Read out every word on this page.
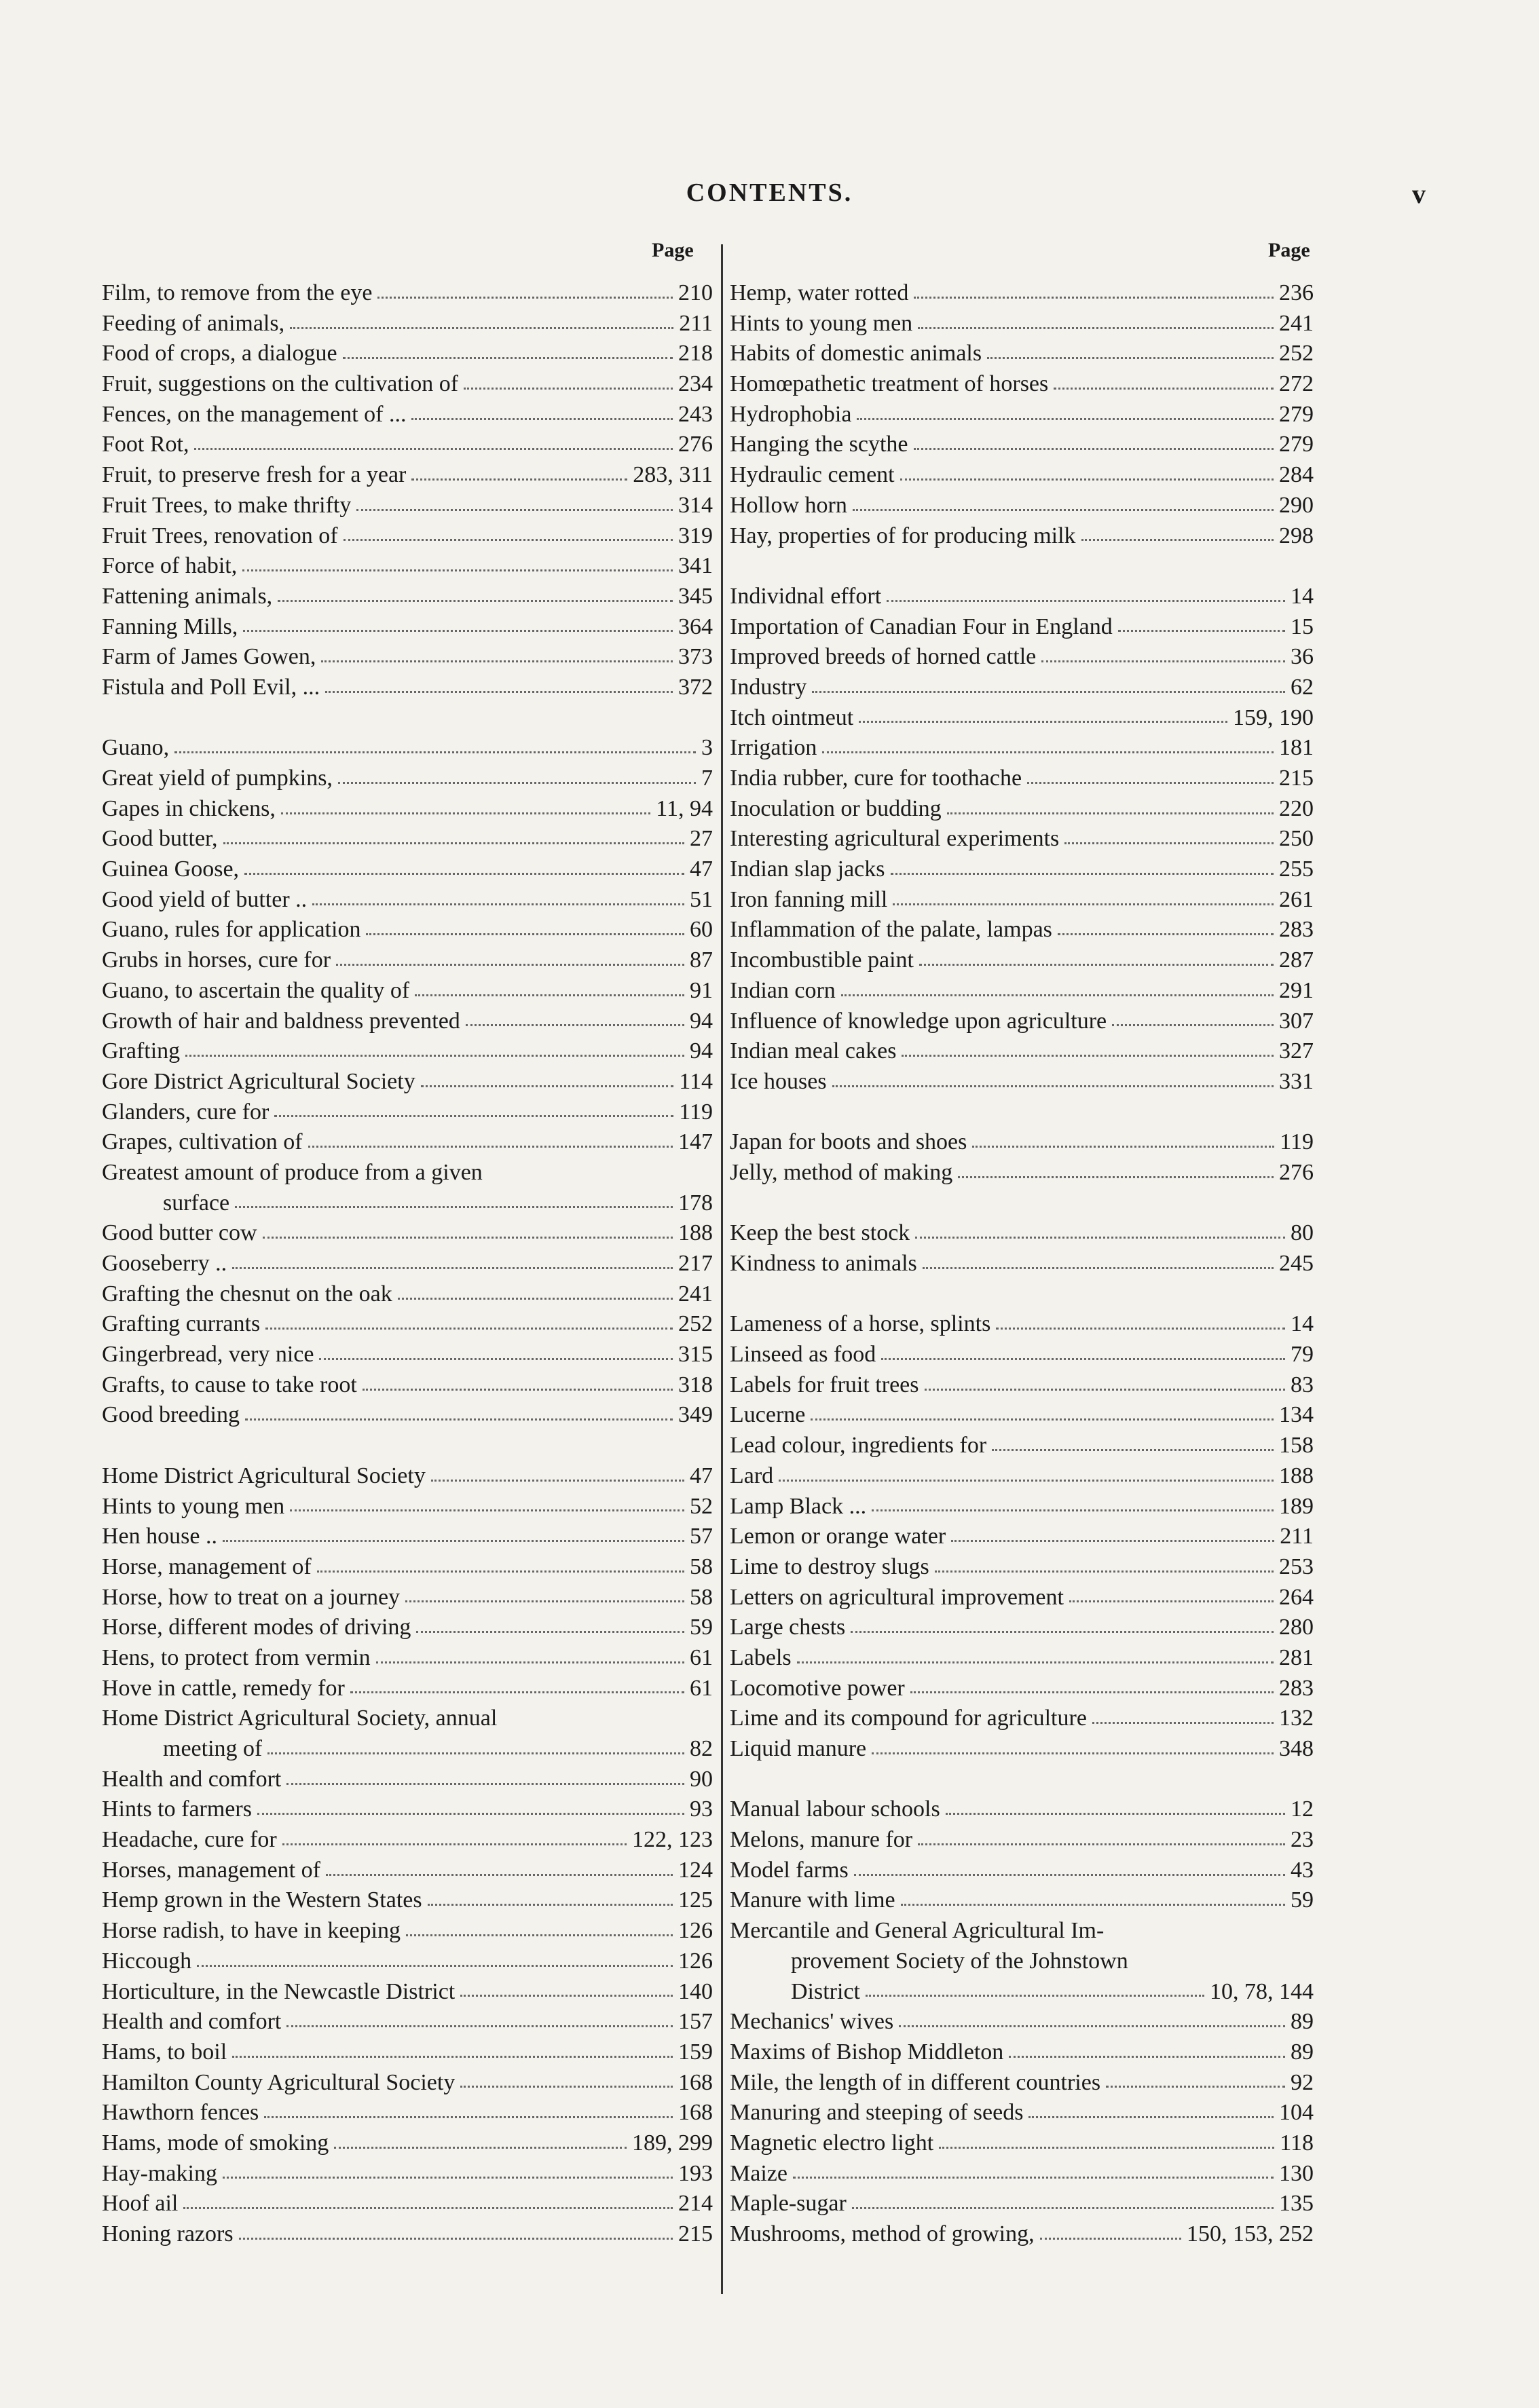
CONTENTS.	v
Page	Page
Film, to remove from the eye	210
Feeding of animals,	211
Food of crops, a dialogue	218
Fruit, suggestions on the cultivation of	234
Fences, on the management of ...	243
Foot Rot,	276
Fruit, to preserve fresh for a year	283, 311
Fruit Trees, to make thrifty	314
Fruit Trees, renovation of	319
Force of habit,	341
Fattening animals,	345
Fanning Mills,	364
Farm of James Gowen,	373
Fistula and Poll Evil, ...	372
Guano,	3
Great yield of pumpkins,	7
Gapes in chickens,	11, 94
Good butter,	27
Guinea Goose,	47
Good yield of butter ..	51
Guano, rules for application	60
Grubs in horses, cure for	87
Guano, to ascertain the quality of	91
Growth of hair and baldness prevented	94
Grafting	94
Gore District Agricultural Society	114
Glanders, cure for	119
Grapes, cultivation of	147
Greatest amount of produce from a given
surface	178
Good butter cow	188
Gooseberry ..	217
Grafting the chesnut on the oak	241
Grafting currants	252
Gingerbread, very nice	315
Grafts, to cause to take root	318
Good breeding	349
Home District Agricultural Society	47
Hints to young men	52
Hen house ..	57
Horse, management of	58
Horse, how to treat on a journey	58
Horse, different modes of driving	59
Hens, to protect from vermin	61
Hove in cattle, remedy for	61
Home District Agricultural Society, annual
meeting of	82
Health and comfort	90
Hints to farmers	93
Headache, cure for	122, 123
Horses, management of	124
Hemp grown in the Western States	125
Horse radish, to have in keeping	126
Hiccough	126
Horticulture, in the Newcastle District	140
Health and comfort	157
Hams, to boil	159
Hamilton County Agricultural Society	168
Hawthorn fences	168
Hams, mode of smoking	189, 299
Hay-making	193
Hoof ail	214
Honing razors	215
Hemp, water rotted	236
Hints to young men	241
Habits of domestic animals	252
Homœpathetic treatment of horses	272
Hydrophobia	279
Hanging the scythe	279
Hydraulic cement	284
Hollow horn	290
Hay, properties of for producing milk	298
Individnal effort	14
Importation of Canadian Four in England	15
Improved breeds of horned cattle	36
Industry	62
Itch ointmeut	159, 190
Irrigation	181
India rubber, cure for toothache	215
Inoculation or budding	220
Interesting agricultural experiments	250
Indian slap jacks	255
Iron fanning mill	261
Inflammation of the palate, lampas	283
Incombustible paint	287
Indian corn	291
Influence of knowledge upon agriculture	307
Indian meal cakes	327
Ice houses	331
Japan for boots and shoes	119
Jelly, method of making	276
Keep the best stock	80
Kindness to animals	245
Lameness of a horse, splints	14
Linseed as food	79
Labels for fruit trees	83
Lucerne	134
Lead colour, ingredients for	158
Lard	188
Lamp Black ...	189
Lemon or orange water	211
Lime to destroy slugs	253
Letters on agricultural improvement	264
Large chests	280
Labels	281
Locomotive power	283
Lime and its compound for agriculture	132
Liquid manure	348
Manual labour schools	12
Melons, manure for	23
Model farms	43
Manure with lime	59
Mercantile and General Agricultural Im-
provement Society of the Johnstown
District	10, 78, 144
Mechanics' wives	89
Maxims of Bishop Middleton	89
Mile, the length of in different countries	92
Manuring and steeping of seeds	104
Magnetic electro light	118
Maize	130
Maple-sugar	135
Mushrooms, method of growing,	150, 153, 252
